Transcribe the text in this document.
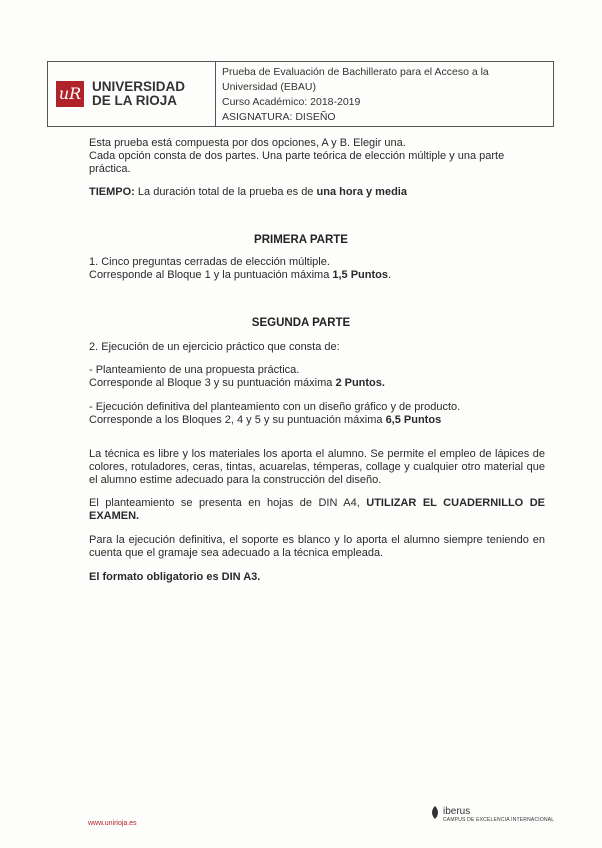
uR UNIVERSIDAD
DE LA RIOJA
Prueba de Evaluación de Bachillerato para el Acceso a la
Universidad (EBAU)
Curso Académico: 2018-2019
ASIGNATURA: DISEÑO
Esta prueba está compuesta por dos opciones, A y B. Elegir una.
Cada opción consta de dos partes. Una parte teórica de elección múltiple y una parte
práctica.
TIEMPO: La duración total de la prueba es de una hora y media
PRIMERA PARTE
1. Cinco preguntas cerradas de elección múltiple.
Corresponde al Bloque 1 y la puntuación máxima 1,5 Puntos.
SEGUNDA PARTE
2. Ejecución de un ejercicio práctico que consta de:
- Planteamiento de una propuesta práctica.
Corresponde al Bloque 3 y su puntuación máxima 2 Puntos.
- Ejecución definitiva del planteamiento con un diseño gráfico y de producto.
Corresponde a los Bloques 2, 4 y 5 y su puntuación máxima 6,5 Puntos
La técnica es libre y los materiales los aporta el alumno. Se permite el empleo de lápices de colores, rotuladores, ceras, tintas, acuarelas, témperas, collage y cualquier otro material que el alumno estime adecuado para la construcción del diseño.
El planteamiento se presenta en hojas de DIN A4, UTILIZAR EL CUADERNILLO DE EXAMEN.
Para la ejecución definitiva, el soporte es blanco y lo aporta el alumno siempre teniendo en cuenta que el gramaje sea adecuado a la técnica empleada.
El formato obligatorio es DIN A3.
www.unirioja.es
iberus
CAMPUS DE EXCELENCIA INTERNACIONAL
